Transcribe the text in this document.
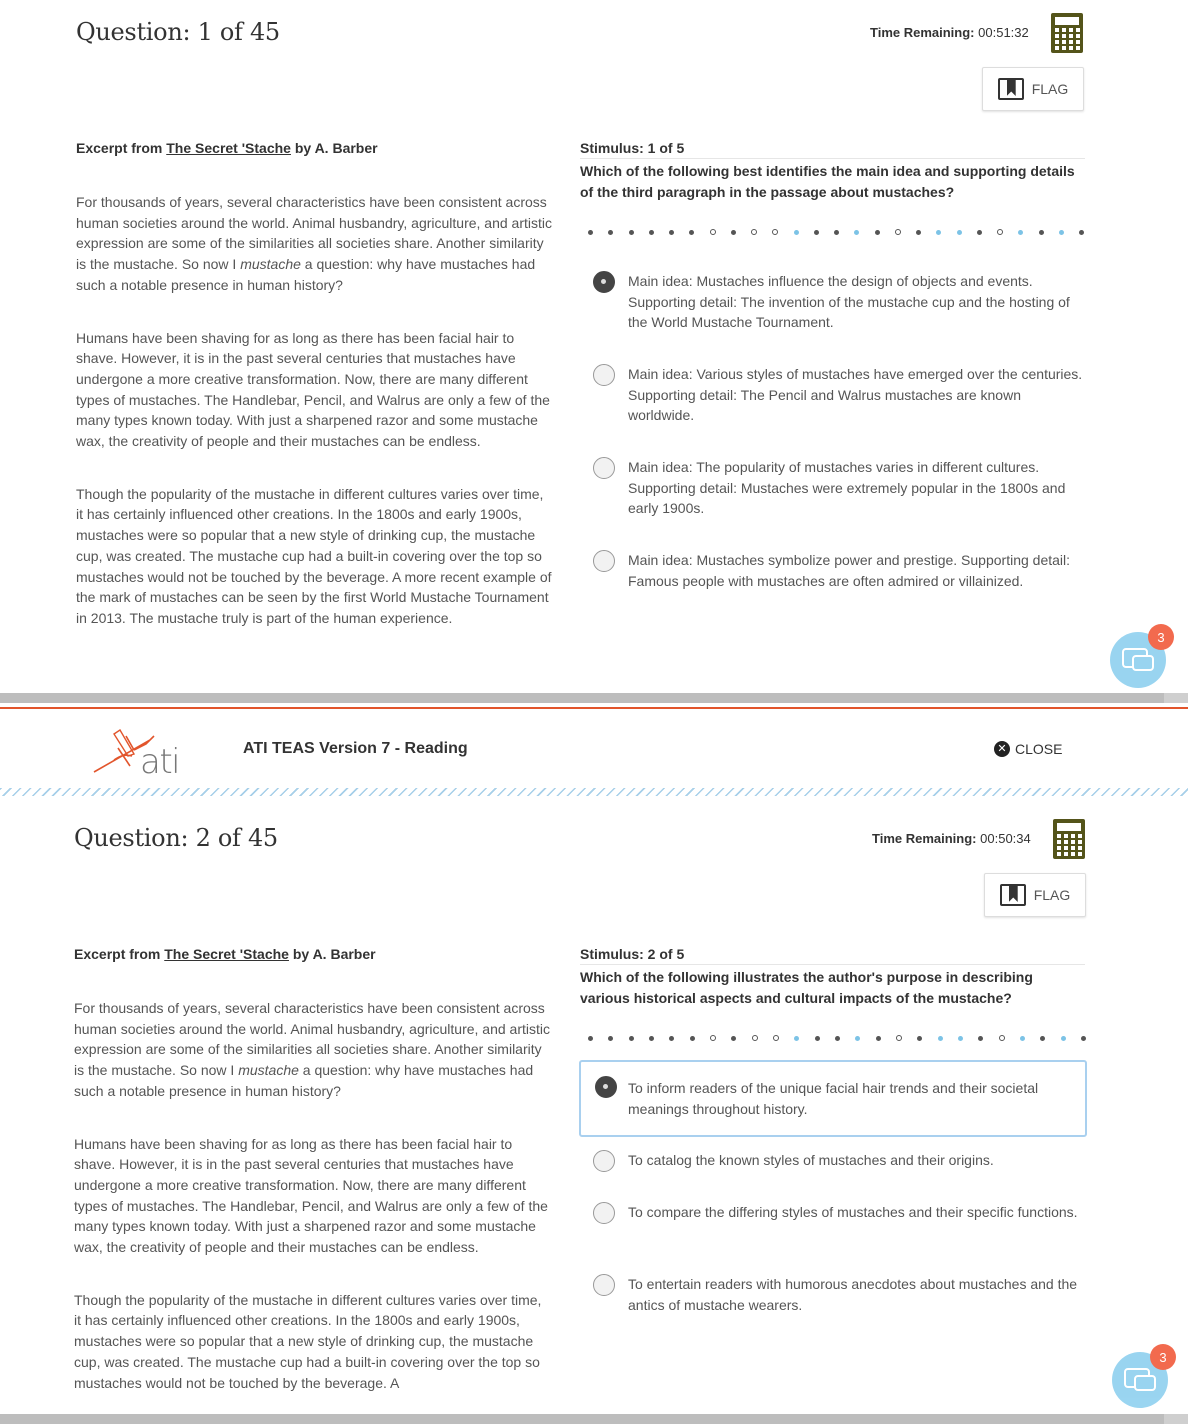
Question: 1 of 45	Time Remaining: 00:51:32
FLAG
Excerpt from The Secret 'Stache by A. Barber

For thousands of years, several characteristics have been consistent across human societies around the world. Animal husbandry, agriculture, and artistic expression are some of the similarities all societies share. Another similarity is the mustache. So now I mustache a question: why have mustaches had such a notable presence in human history?

Humans have been shaving for as long as there has been facial hair to shave. However, it is in the past several centuries that mustaches have undergone a more creative transformation. Now, there are many different types of mustaches. The Handlebar, Pencil, and Walrus are only a few of the many types known today. With just a sharpened razor and some mustache wax, the creativity of people and their mustaches can be endless.

Though the popularity of the mustache in different cultures varies over time, it has certainly influenced other creations. In the 1800s and early 1900s, mustaches were so popular that a new style of drinking cup, the mustache cup, was created. The mustache cup had a built-in covering over the top so mustaches would not be touched by the beverage. A more recent example of the mark of mustaches can be seen by the first World Mustache Tournament in 2013. The mustache truly is part of the human experience.

Stimulus: 1 of 5
Which of the following best identifies the main idea and supporting details of the third paragraph in the passage about mustaches?
Main idea: Mustaches influence the design of objects and events. Supporting detail: The invention of the mustache cup and the hosting of the World Mustache Tournament.
Main idea: Various styles of mustaches have emerged over the centuries. Supporting detail: The Pencil and Walrus mustaches are known worldwide.
Main idea: The popularity of mustaches varies in different cultures. Supporting detail: Mustaches were extremely popular in the 1800s and early 1900s.
Main idea: Mustaches symbolize power and prestige. Supporting detail: Famous people with mustaches are often admired or villainized.
3
ati	ATI TEAS Version 7 - Reading	✕ CLOSE
Question: 2 of 45	Time Remaining: 00:50:34
FLAG
Excerpt from The Secret 'Stache by A. Barber

For thousands of years, several characteristics have been consistent across human societies around the world. Animal husbandry, agriculture, and artistic expression are some of the similarities all societies share. Another similarity is the mustache. So now I mustache a question: why have mustaches had such a notable presence in human history?

Humans have been shaving for as long as there has been facial hair to shave. However, it is in the past several centuries that mustaches have undergone a more creative transformation. Now, there are many different types of mustaches. The Handlebar, Pencil, and Walrus are only a few of the many types known today. With just a sharpened razor and some mustache wax, the creativity of people and their mustaches can be endless.

Though the popularity of the mustache in different cultures varies over time, it has certainly influenced other creations. In the 1800s and early 1900s, mustaches were so popular that a new style of drinking cup, the mustache cup, was created. The mustache cup had a built-in covering over the top so mustaches would not be touched by the beverage. A

Stimulus: 2 of 5
Which of the following illustrates the author's purpose in describing various historical aspects and cultural impacts of the mustache?
To inform readers of the unique facial hair trends and their societal meanings throughout history.
To catalog the known styles of mustaches and their origins.
To compare the differing styles of mustaches and their specific functions.
To entertain readers with humorous anecdotes about mustaches and the antics of mustache wearers.
3
